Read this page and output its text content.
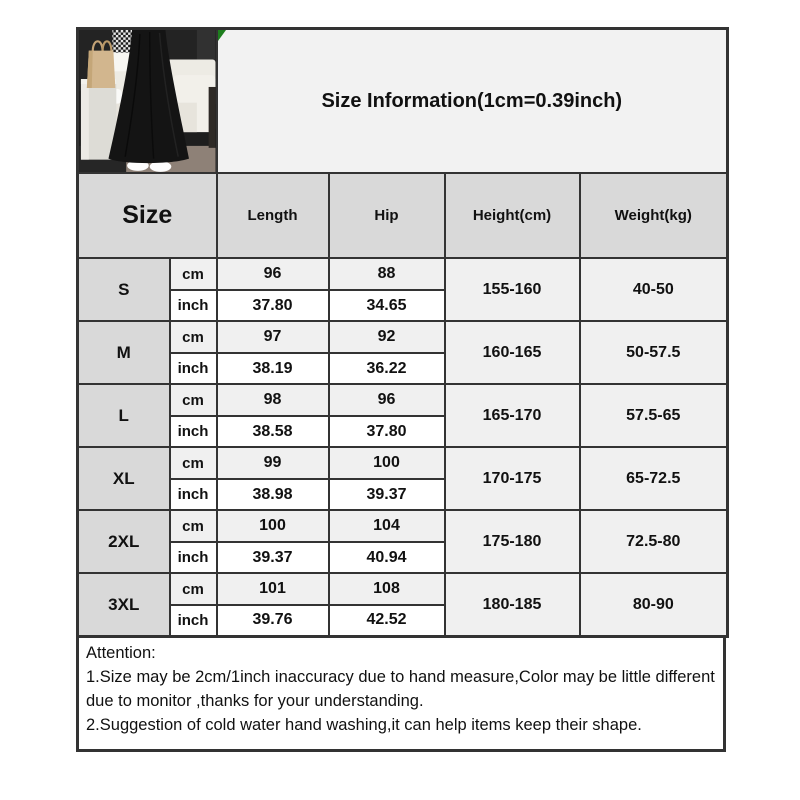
Size Information(1cm=0.39inch)			
Size		Length	Hip	Height(cm)	Weight(kg)
S	cm	96	88	155-160	40-50
	inch	37.80	34.65		
M	cm	97	92	160-165	50-57.5
	inch	38.19	36.22		
L	cm	98	96	165-170	57.5-65
	inch	38.58	37.80		
XL	cm	99	100	170-175	65-72.5
	inch	38.98	39.37		
2XL	cm	100	104	175-180	72.5-80
	inch	39.37	40.94		
3XL	cm	101	108	180-185	80-90
	inch	39.76	42.52		
Attention:
1.Size may be 2cm/1inch inaccuracy due to hand measure,Color may be little different
due to monitor ,thanks for your understanding.
2.Suggestion of cold water hand washing,it can help items keep their shape.
